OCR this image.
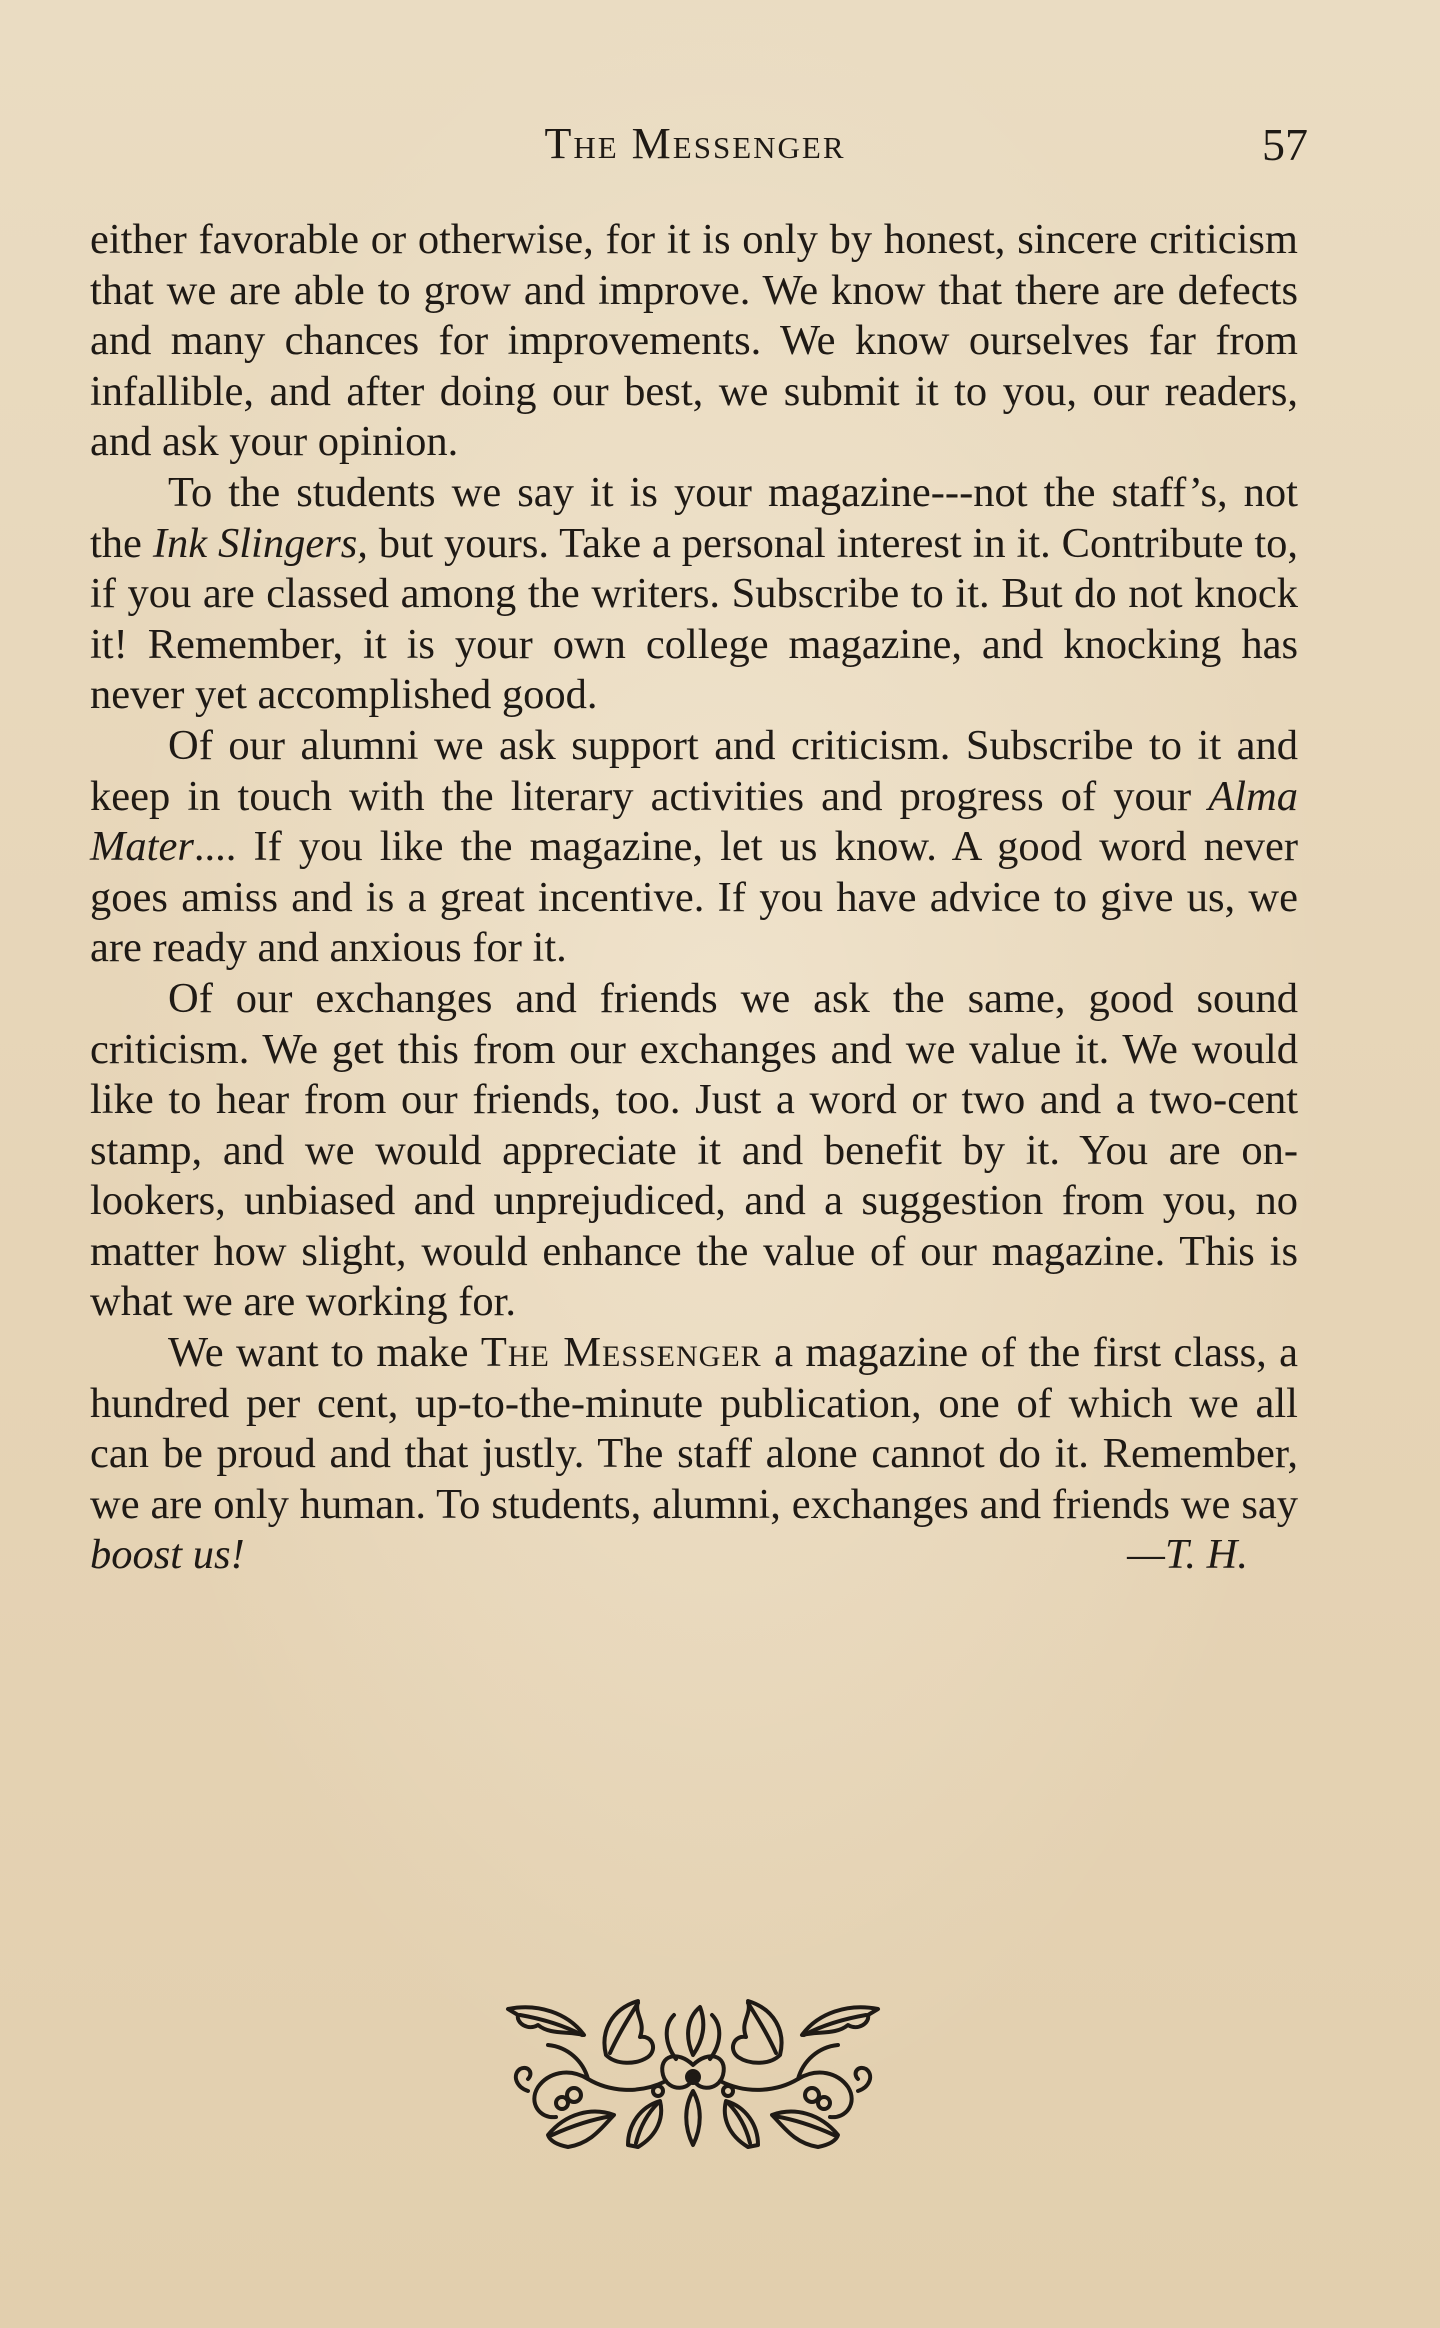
The Messenger	57

either favorable or otherwise, for it is only by honest, sincere criticism that we are able to grow and improve. We know that there are defects and many chances for improvements. We know ourselves far from infallible, and after doing our best, we submit it to you, our readers, and ask your opinion.

To the students we say it is your magazine---not the staff’s, not the Ink Slingers, but yours. Take a personal interest in it. Contribute to, if you are classed among the writers. Subscribe to it. But do not knock it! Remember, it is your own college magazine, and knocking has never yet accomplished good.

Of our alumni we ask support and criticism. Subscribe to it and keep in touch with the literary activities and progress of your Alma Mater.... If you like the magazine, let us know. A good word never goes amiss and is a great incentive. If you have advice to give us, we are ready and anxious for it.

Of our exchanges and friends we ask the same, good sound criticism. We get this from our exchanges and we value it. We would like to hear from our friends, too. Just a word or two and a two-cent stamp, and we would appreciate it and benefit by it. You are on-lookers, unbiased and unprejudiced, and a suggestion from you, no matter how slight, would enhance the value of our magazine. This is what we are working for.

We want to make The Messenger a magazine of the first class, a hundred per cent, up-to-the-minute publication, one of which we all can be proud and that justly. The staff alone cannot do it. Remember, we are only human. To students, alumni, exchanges and friends we say boost us!	—T. H.
